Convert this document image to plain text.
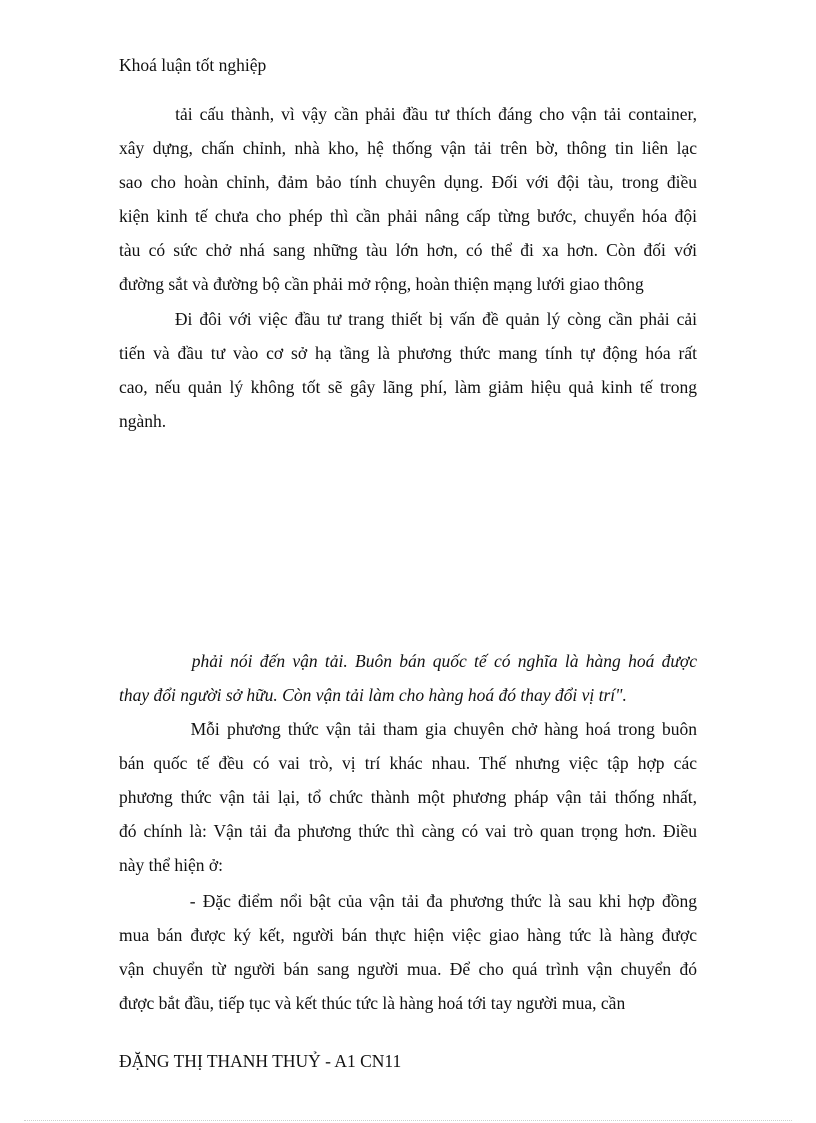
Khoá luận tốt nghiệp
tải cấu thành, vì vậy cần phải đầu tư thích đáng cho vận tải container,
xây dựng, chấn chỉnh, nhà kho, hệ thống vận tải trên bờ, thông tin liên lạc
sao cho hoàn chỉnh, đảm bảo tính chuyên dụng. Đối với đội tàu, trong điều
kiện kinh tế chưa cho phép thì cần phải nâng cấp từng bước, chuyển hóa đội
tàu có sức chở nhá sang những tàu lớn hơn, có thể đi xa hơn. Còn đối với
đường sắt và đường bộ cần phải mở rộng, hoàn thiện mạng lưới giao thông
Đi đôi với việc đầu tư trang thiết bị vấn đề quản lý còng cần phải cải
tiến và đầu tư vào cơ sở hạ tầng là phương thức mang tính tự động hóa rất
cao, nếu quản lý không tốt sẽ gây lãng phí, làm giảm hiệu quả kinh tế trong
ngành.
phải nói đến vận tải. Buôn bán quốc tế có nghĩa là hàng hoá được
thay đổi người sở hữu. Còn vận tải làm cho hàng hoá đó thay đổi vị trí".
Mỗi phương thức vận tải tham gia chuyên chở hàng hoá trong buôn
bán quốc tế đều có vai trò, vị trí khác nhau. Thế nhưng việc tập hợp các
phương thức vận tải lại, tổ chức thành một phương pháp vận tải thống nhất,
đó chính là: Vận tải đa phương thức thì càng có vai trò quan trọng hơn. Điều
này thể hiện ở:
- Đặc điểm nổi bật của vận tải đa phương thức là sau khi hợp đồng
mua bán được ký kết, người bán thực hiện việc giao hàng tức là hàng được
vận chuyển từ người bán sang người mua. Để cho quá trình vận chuyển đó
được bắt đầu, tiếp tục và kết thúc tức là hàng hoá tới tay người mua, cần
ĐẶNG THỊ THANH THUỶ - A1 CN11
